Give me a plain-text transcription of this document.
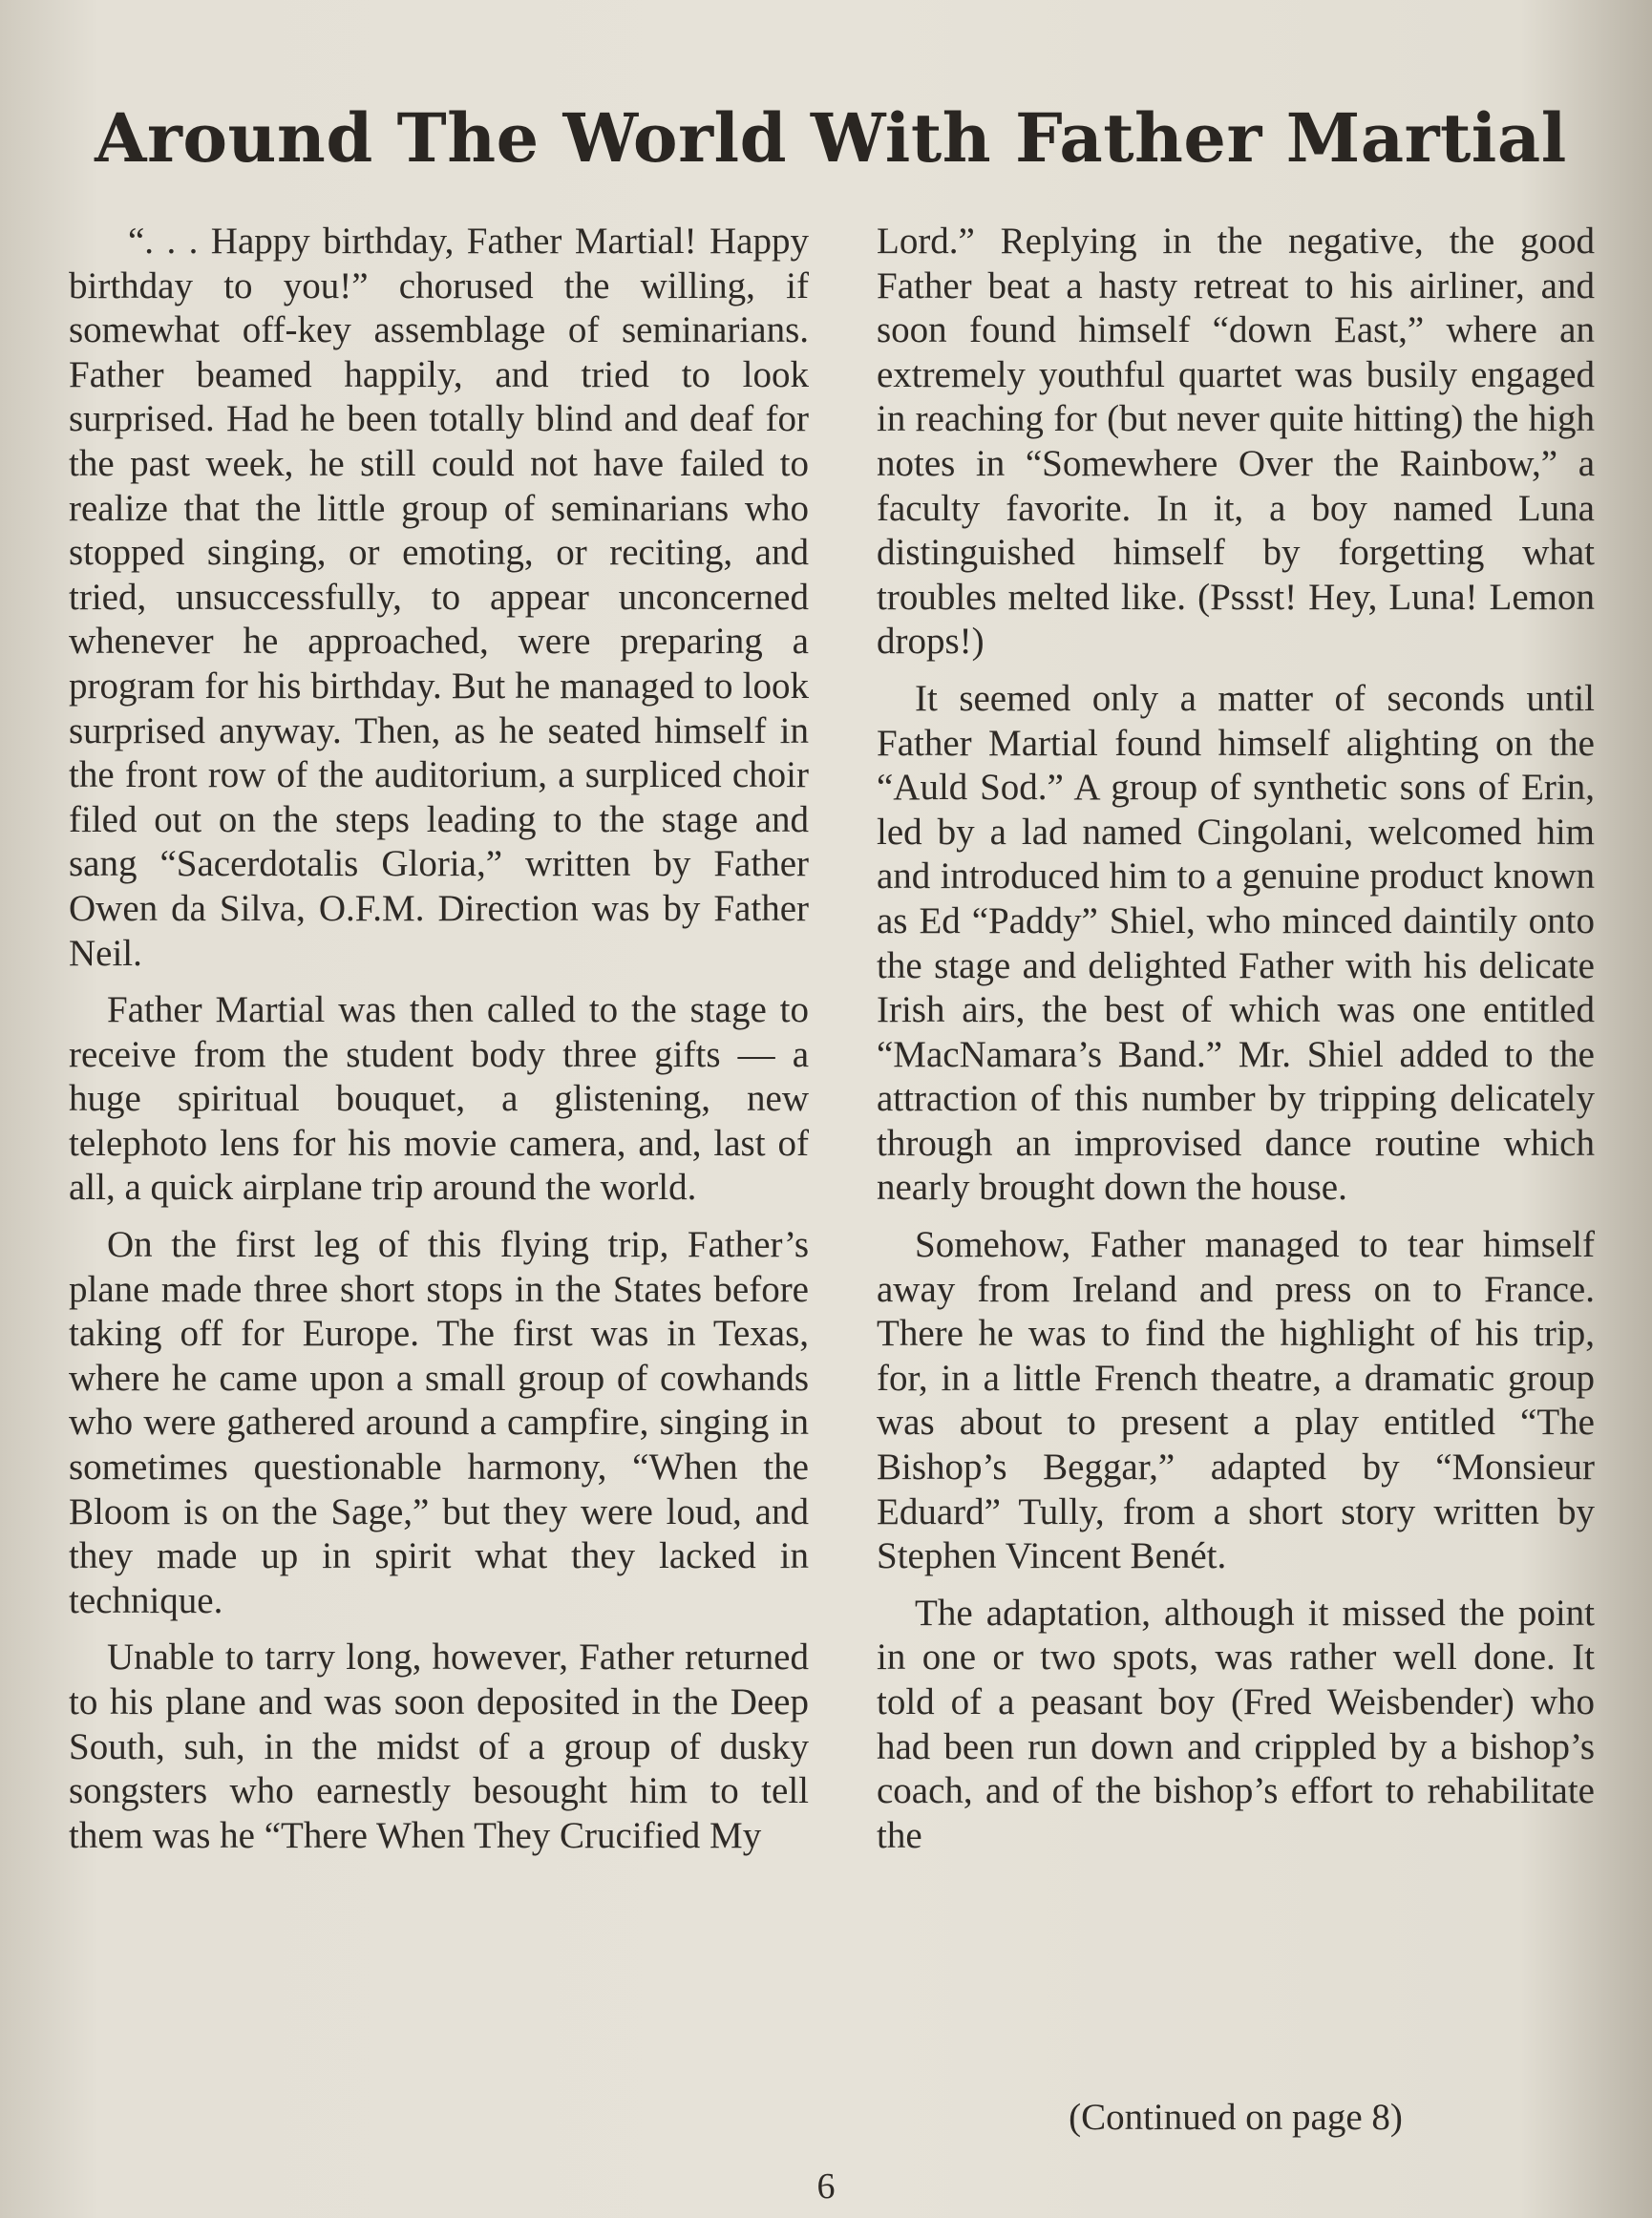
Around The World With Father Martial

“. . . Happy birthday, Father Martial! Happy birthday to you!” chorused the willing, if somewhat off-key assemblage of seminarians. Father beamed happily, and tried to look surprised. Had he been totally blind and deaf for the past week, he still could not have failed to realize that the little group of seminarians who stopped singing, or emoting, or reciting, and tried, unsuccessfully, to appear unconcerned whenever he approached, were preparing a program for his birthday. But he managed to look surprised anyway. Then, as he seated himself in the front row of the auditorium, a surpliced choir filed out on the steps leading to the stage and sang “Sacerdotalis Gloria,” written by Father Owen da Silva, O.F.M. Direction was by Father Neil.

Father Martial was then called to the stage to receive from the student body three gifts — a huge spiritual bouquet, a glistening, new telephoto lens for his movie camera, and, last of all, a quick airplane trip around the world.

On the first leg of this flying trip, Father’s plane made three short stops in the States before taking off for Europe. The first was in Texas, where he came upon a small group of cowhands who were gathered around a campfire, singing in sometimes questionable harmony, “When the Bloom is on the Sage,” but they were loud, and they made up in spirit what they lacked in technique.

Unable to tarry long, however, Father returned to his plane and was soon deposited in the Deep South, suh, in the midst of a group of dusky songsters who earnestly besought him to tell them was he “There When They Crucified My

Lord.” Replying in the negative, the good Father beat a hasty retreat to his airliner, and soon found himself “down East,” where an extremely youthful quartet was busily engaged in reaching for (but never quite hitting) the high notes in “Somewhere Over the Rainbow,” a faculty favorite. In it, a boy named Luna distinguished himself by forgetting what troubles melted like. (Pssst! Hey, Luna! Lemon drops!)

It seemed only a matter of seconds until Father Martial found himself alighting on the “Auld Sod.” A group of synthetic sons of Erin, led by a lad named Cingolani, welcomed him and introduced him to a genuine product known as Ed “Paddy” Shiel, who minced daintily onto the stage and delighted Father with his delicate Irish airs, the best of which was one entitled “MacNamara’s Band.” Mr. Shiel added to the attraction of this number by tripping delicately through an improvised dance routine which nearly brought down the house.

Somehow, Father managed to tear himself away from Ireland and press on to France. There he was to find the highlight of his trip, for, in a little French theatre, a dramatic group was about to present a play entitled “The Bishop’s Beggar,” adapted by “Monsieur Eduard” Tully, from a short story written by Stephen Vincent Benét.

The adaptation, although it missed the point in one or two spots, was rather well done. It told of a peasant boy (Fred Weisbender) who had been run down and crippled by a bishop’s coach, and of the bishop’s effort to rehabilitate the

(Continued on page 8)
6
